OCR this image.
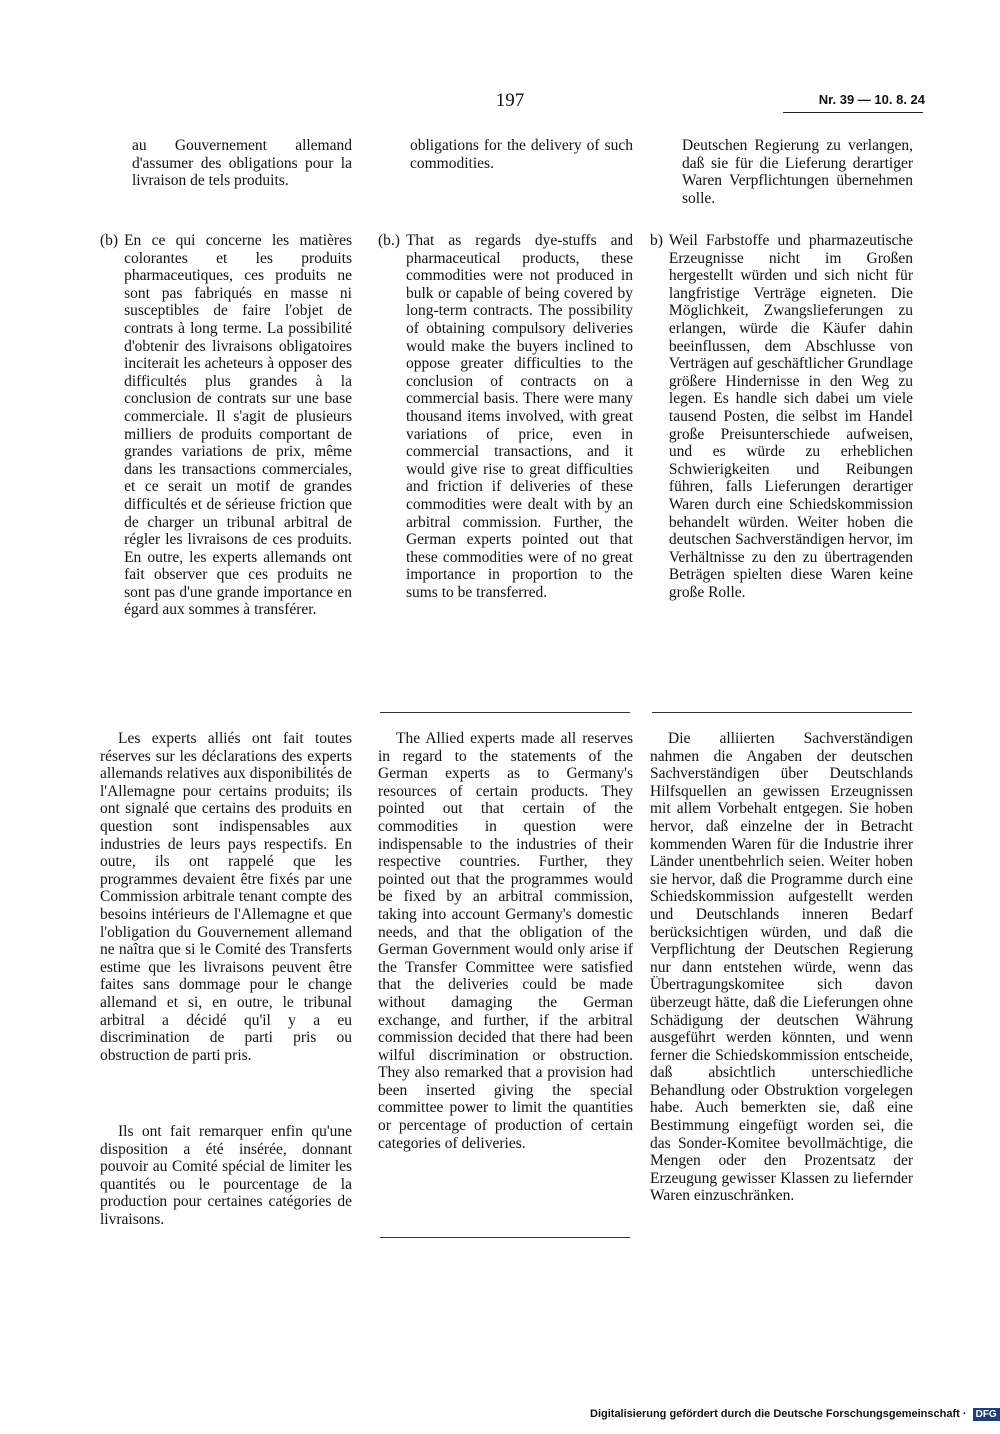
197	Nr. 39 — 10. 8. 24

au Gouvernement allemand d'assumer des obligations pour la livraison de tels produits.

(b) En ce qui concerne les matières colorantes et les produits pharmaceutiques, ces produits ne sont pas fabriqués en masse ni susceptibles de faire l'objet de contrats à long terme. La possibilité d'obtenir des livraisons obligatoires inciterait les acheteurs à opposer des difficultés plus grandes à la conclusion de contrats sur une base commerciale. Il s'agit de plusieurs milliers de produits comportant de grandes variations de prix, même dans les transactions commerciales, et ce serait un motif de grandes difficultés et de sérieuse friction que de charger un tribunal arbitral de régler les livraisons de ces produits. En outre, les experts allemands ont fait observer que ces produits ne sont pas d'une grande importance en égard aux sommes à transférer.

Les experts alliés ont fait toutes réserves sur les déclarations des experts allemands relatives aux disponibilités de l'Allemagne pour certains produits; ils ont signalé que certains des produits en question sont indispensables aux industries de leurs pays respectifs. En outre, ils ont rappelé que les programmes devaient être fixés par une Commission arbitrale tenant compte des besoins intérieurs de l'Allemagne et que l'obligation du Gouvernement allemand ne naîtra que si le Comité des Transferts estime que les livraisons peuvent être faites sans dommage pour le change allemand et si, en outre, le tribunal arbitral a décidé qu'il y a eu discrimination de parti pris ou obstruction de parti pris.

Ils ont fait remarquer enfin qu'une disposition a été insérée, donnant pouvoir au Comité spécial de limiter les quantités ou le pourcentage de la production pour certaines catégories de livraisons.

obligations for the delivery of such commodities.

(b.) That as regards dye-stuffs and pharmaceutical products, these commodities were not produced in bulk or capable of being covered by long-term contracts. The possibility of obtaining compulsory deliveries would make the buyers inclined to oppose greater difficulties to the conclusion of contracts on a commercial basis. There were many thousand items involved, with great variations of price, even in commercial transactions, and it would give rise to great difficulties and friction if deliveries of these commodities were dealt with by an arbitral commission. Further, the German experts pointed out that these commodities were of no great importance in proportion to the sums to be transferred.

The Allied experts made all reserves in regard to the statements of the German experts as to Germany's resources of certain products. They pointed out that certain of the commodities in question were indispensable to the industries of their respective countries. Further, they pointed out that the programmes would be fixed by an arbitral commission, taking into account Germany's domestic needs, and that the obligation of the German Government would only arise if the Transfer Committee were satisfied that the deliveries could be made without damaging the German exchange, and further, if the arbitral commission decided that there had been wilful discrimination or obstruction. They also remarked that a provision had been inserted giving the special committee power to limit the quantities or percentage of production of certain categories of deliveries.

Deutschen Regierung zu verlangen, daß sie für die Lieferung derartiger Waren Verpflichtungen übernehmen solle.

b) Weil Farbstoffe und pharmazeutische Erzeugnisse nicht im Großen hergestellt würden und sich nicht für langfristige Verträge eigneten. Die Möglichkeit, Zwangslieferungen zu erlangen, würde die Käufer dahin beeinflussen, dem Abschlusse von Verträgen auf geschäftlicher Grundlage größere Hindernisse in den Weg zu legen. Es handle sich dabei um viele tausend Posten, die selbst im Handel große Preisunterschiede aufweisen, und es würde zu erheblichen Schwierigkeiten und Reibungen führen, falls Lieferungen derartiger Waren durch eine Schiedskommission behandelt würden. Weiter hoben die deutschen Sachverständigen hervor, im Verhältnisse zu den zu übertragenden Beträgen spielten diese Waren keine große Rolle.

Die alliierten Sachverständigen nahmen die Angaben der deutschen Sachverständigen über Deutschlands Hilfsquellen an gewissen Erzeugnissen mit allem Vorbehalt entgegen. Sie hoben hervor, daß einzelne der in Betracht kommenden Waren für die Industrie ihrer Länder unentbehrlich seien. Weiter hoben sie hervor, daß die Programme durch eine Schiedskommission aufgestellt werden und Deutschlands inneren Bedarf berücksichtigen würden, und daß die Verpflichtung der Deutschen Regierung nur dann entstehen würde, wenn das Übertragungskomitee sich davon überzeugt hätte, daß die Lieferungen ohne Schädigung der deutschen Währung ausgeführt werden könnten, und wenn ferner die Schiedskommission entscheide, daß absichtlich unterschiedliche Behandlung oder Obstruktion vorgelegen habe. Auch bemerkten sie, daß eine Bestimmung eingefügt worden sei, die das Sonder-Komitee bevollmächtige, die Mengen oder den Prozentsatz der Erzeugung gewisser Klassen zu liefernder Waren einzuschränken.

Digitalisierung gefördert durch die Deutsche Forschungsgemeinschaft · DFG
